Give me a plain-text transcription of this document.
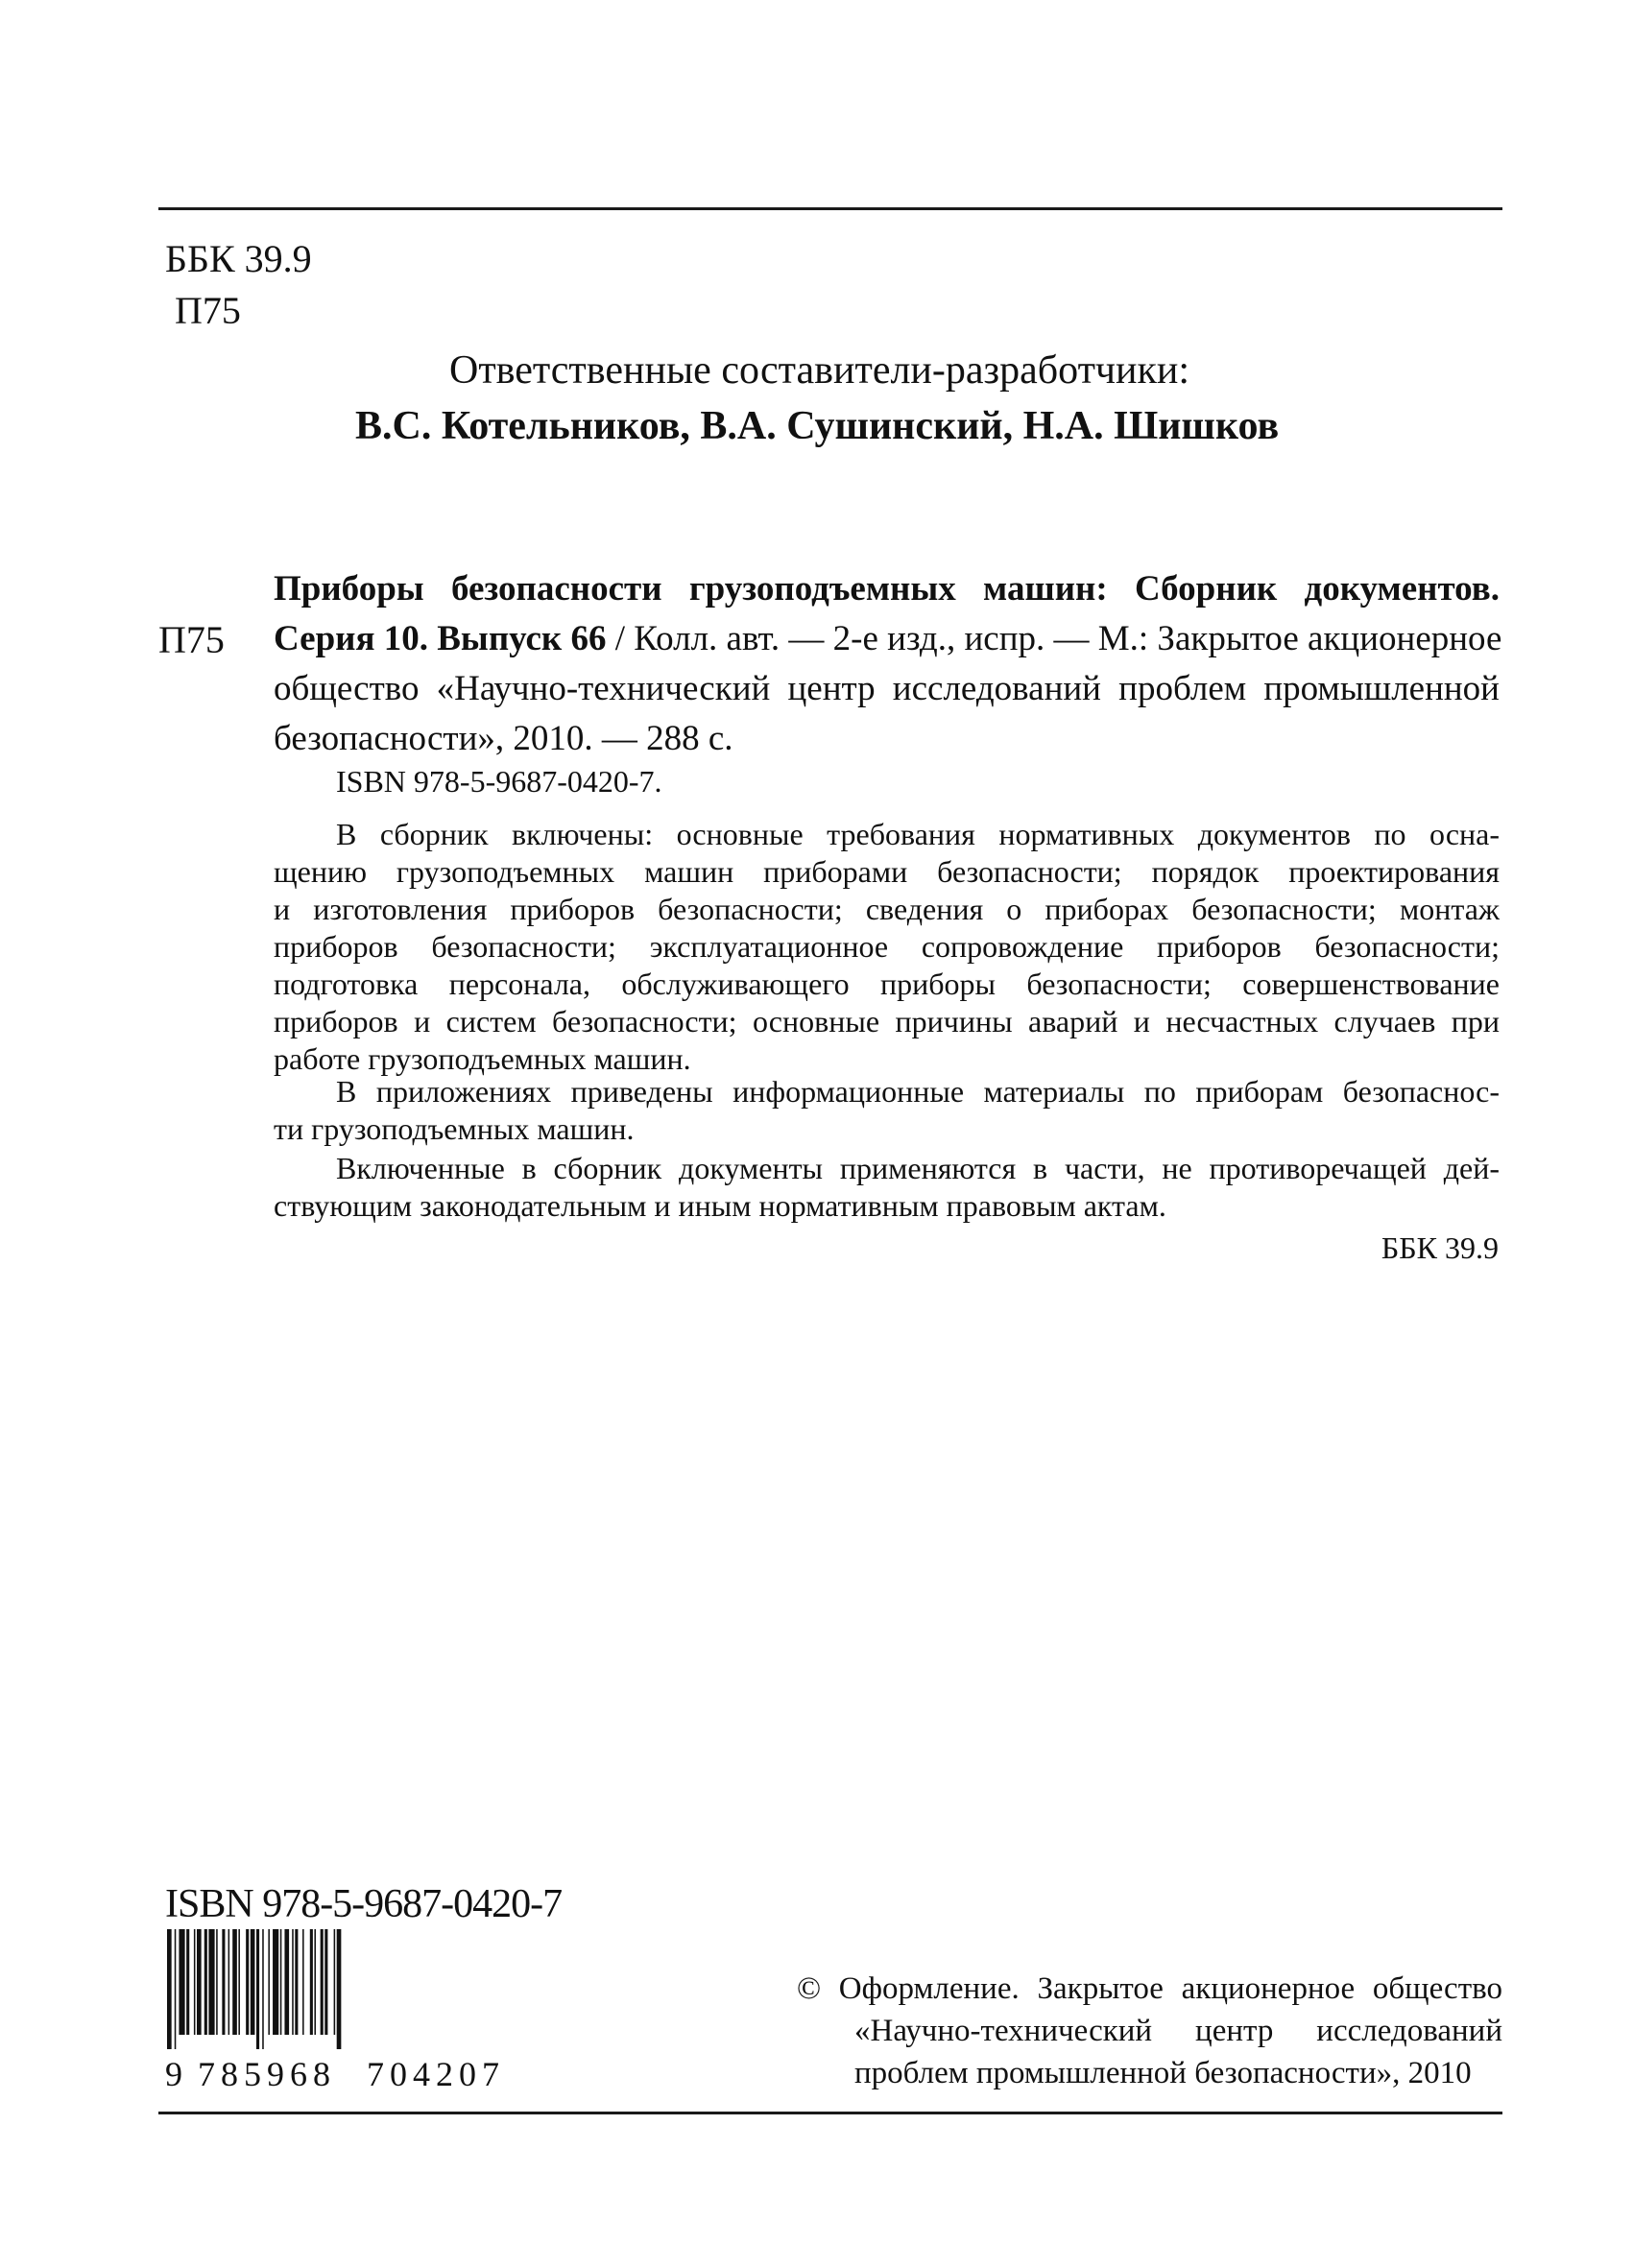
ББК 39.9
П75
Ответственные составители-разработчики:
В.С. Котельников, В.А. Сушинский, Н.А. Шишков
П75
Приборы безопасности грузоподъемных машин: Сборник документов.
Серия 10. Выпуск 66 / Колл. авт. — 2-е изд., испр. — М.: Закрытое акционерное
общество «Научно-технический центр исследований проблем промышленной
безопасности», 2010. — 288 с.
ISBN 978-5-9687-0420-7.
В сборник включены: основные требования нормативных документов по осна-
щению грузоподъемных машин приборами безопасности; порядок проектирования
и изготовления приборов безопасности; сведения о приборах безопасности; монтаж
приборов безопасности; эксплуатационное сопровождение приборов безопасности;
подготовка персонала, обслуживающего приборы безопасности; совершенствование
приборов и систем безопасности; основные причины аварий и несчастных случаев при
работе грузоподъемных машин.
В приложениях приведены информационные материалы по приборам безопаснос-
ти грузоподъемных машин.
Включенные в сборник документы применяются в части, не противоречащей дей-
ствующим законодательным и иным нормативным правовым актам.
ББК 39.9
ISBN 978-5-9687-0420-7
9 785968 704207
© Оформление. Закрытое акционерное общество
«Научно-технический центр исследований
проблем промышленной безопасности», 2010
